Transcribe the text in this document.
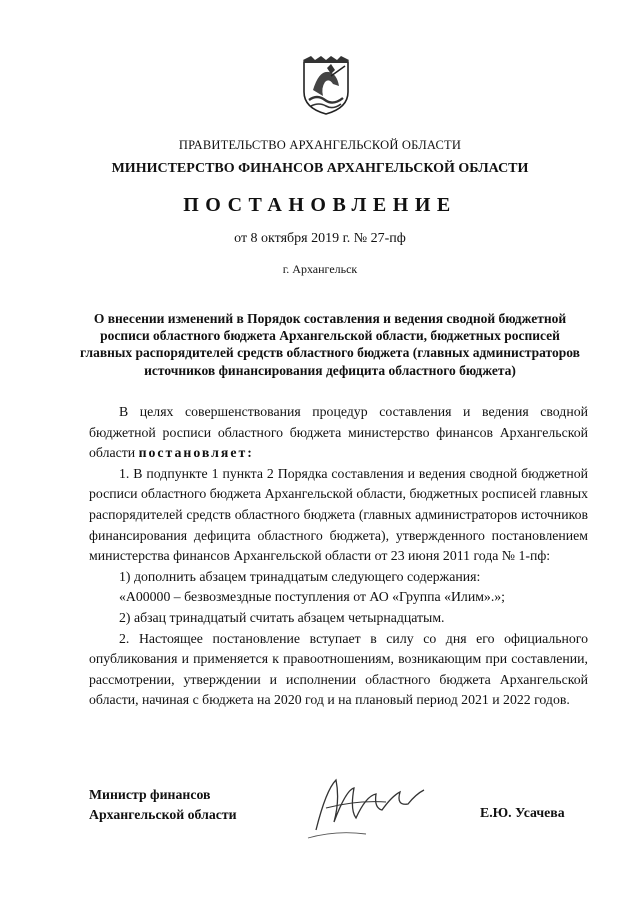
ПРАВИТЕЛЬСТВО АРХАНГЕЛЬСКОЙ ОБЛАСТИ
МИНИСТЕРСТВО ФИНАНСОВ АРХАНГЕЛЬСКОЙ ОБЛАСТИ
ПОСТАНОВЛЕНИЕ
от 8 октября 2019 г. № 27-пф
г. Архангельск
О внесении изменений в Порядок составления и ведения сводной бюджетной росписи областного бюджета Архангельской области, бюджетных росписей главных распорядителей средств областного бюджета (главных администраторов источников финансирования дефицита областного бюджета)

В целях совершенствования процедур составления и ведения сводной бюджетной росписи областного бюджета министерство финансов Архангельской области постановляет:

1. В подпункте 1 пункта 2 Порядка составления и ведения сводной бюджетной росписи областного бюджета Архангельской области, бюджетных росписей главных распорядителей средств областного бюджета (главных администраторов источников финансирования дефицита областного бюджета), утвержденного постановлением министерства финансов Архангельской области от 23 июня 2011 года № 1-пф:

1) дополнить абзацем тринадцатым следующего содержания:

«А00000 – безвозмездные поступления от АО «Группа «Илим».»;

2) абзац тринадцатый считать абзацем четырнадцатым.

2. Настоящее постановление вступает в силу со дня его официального опубликования и применяется к правоотношениям, возникающим при составлении, рассмотрении, утверждении и исполнении областного бюджета Архангельской области, начиная с бюджета на 2020 год и на плановый период 2021 и 2022 годов.

Министр финансов
Архангельской области	Е.Ю. Усачева
